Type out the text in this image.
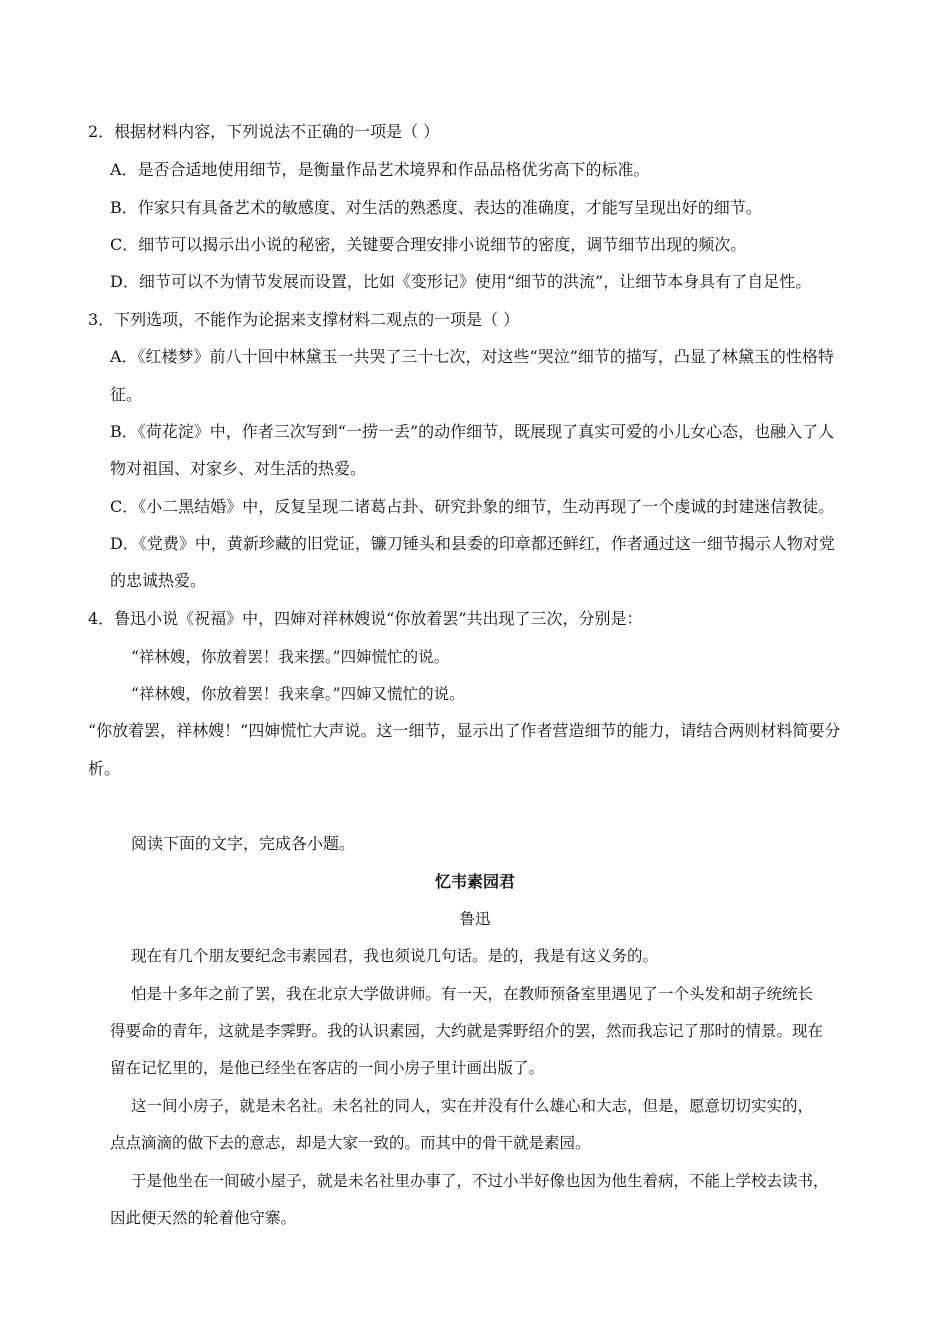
2．根据材料内容，下列说法不正确的一项是（ ）
A．是否合适地使用细节，是衡量作品艺术境界和作品品格优劣高下的标准。
B．作家只有具备艺术的敏感度、对生活的熟悉度、表达的准确度，才能写呈现出好的细节。
C．细节可以揭示出小说的秘密，关键要合理安排小说细节的密度，调节细节出现的频次。
D．细节可以不为情节发展而设置，比如《变形记》使用“细节的洪流”，让细节本身具有了自足性。
3．下列选项，不能作为论据来支撑材料二观点的一项是（ ）
A．《红楼梦》前八十回中林黛玉一共哭了三十七次，对这些“哭泣”细节的描写，凸显了林黛玉的性格特
征。
B．《荷花淀》中，作者三次写到“一捞一丢”的动作细节，既展现了真实可爱的小儿女心态，也融入了人
物对祖国、对家乡、对生活的热爱。
C．《小二黑结婚》中，反复呈现二诸葛占卦、研究卦象的细节，生动再现了一个虔诚的封建迷信教徒。
D．《党费》中，黄新珍藏的旧党证，镰刀锤头和县委的印章都还鲜红，作者通过这一细节揭示人物对党
的忠诚热爱。
4．鲁迅小说《祝福》中，四婶对祥林嫂说“你放着罢”共出现了三次，分别是：
“祥林嫂，你放着罢！我来摆。”四婶慌忙的说。
“祥林嫂，你放着罢！我来拿。”四婶又慌忙的说。
“你放着罢，祥林嫂！”四婶慌忙大声说。这一细节，显示出了作者营造细节的能力，请结合两则材料简要分
析。
阅读下面的文字，完成各小题。
忆韦素园君
鲁迅
现在有几个朋友要纪念韦素园君，我也须说几句话。是的，我是有这义务的。
怕是十多年之前了罢，我在北京大学做讲师。有一天，在教师预备室里遇见了一个头发和胡子统统长
得要命的青年，这就是李霁野。我的认识素园，大约就是霁野绍介的罢，然而我忘记了那时的情景。现在
留在记忆里的，是他已经坐在客店的一间小房子里计画出版了。
这一间小房子，就是未名社。未名社的同人，实在并没有什么雄心和大志，但是，愿意切切实实的，
点点滴滴的做下去的意志，却是大家一致的。而其中的骨干就是素园。
于是他坐在一间破小屋子，就是未名社里办事了，不过小半好像也因为他生着病，不能上学校去读书，
因此便天然的轮着他守寨。
